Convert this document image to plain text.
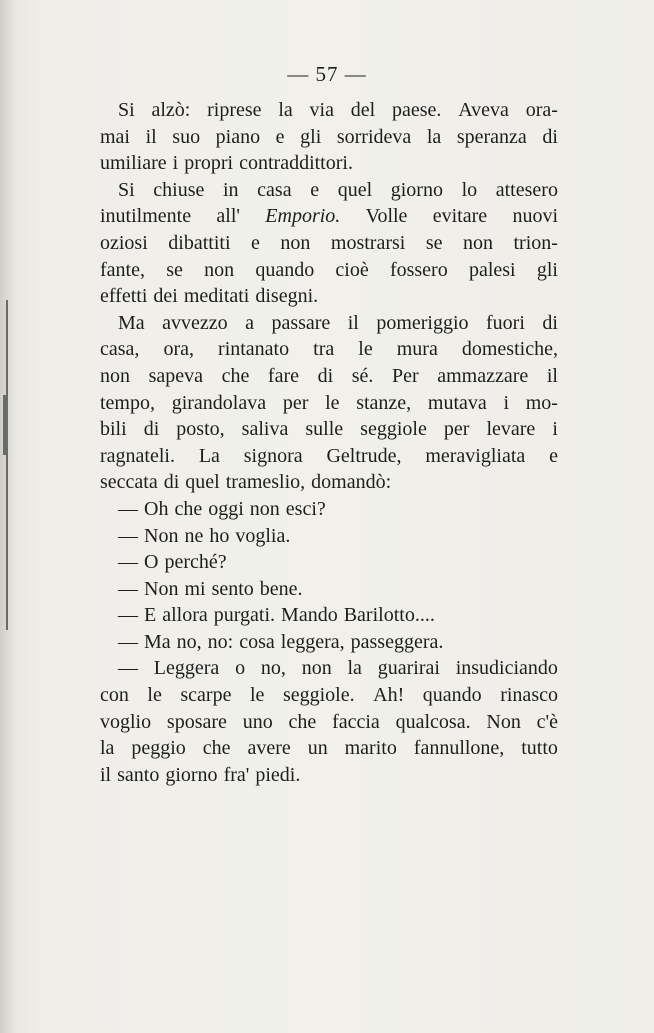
— 57 —
Si alzò: riprese la via del paese. Aveva ora-
mai il suo piano e gli sorrideva la speranza di
umiliare i propri contraddittori.
Si chiuse in casa e quel giorno lo attesero
inutilmente all' Emporio. Volle evitare nuovi
oziosi dibattiti e non mostrarsi se non trion-
fante, se non quando cioè fossero palesi gli
effetti dei meditati disegni.
Ma avvezzo a passare il pomeriggio fuori di
casa, ora, rintanato tra le mura domestiche,
non sapeva che fare di sé. Per ammazzare il
tempo, girandolava per le stanze, mutava i mo-
bili di posto, saliva sulle seggiole per levare i
ragnateli. La signora Geltrude, meravigliata e
seccata di quel trameslio, domandò:
— Oh che oggi non esci?
— Non ne ho voglia.
— O perché?
— Non mi sento bene.
— E allora purgati. Mando Barilotto....
— Ma no, no: cosa leggera, passeggera.
— Leggera o no, non la guarirai insudiciando
con le scarpe le seggiole. Ah! quando rinasco
voglio sposare uno che faccia qualcosa. Non c'è
la peggio che avere un marito fannullone, tutto
il santo giorno fra' piedi.
